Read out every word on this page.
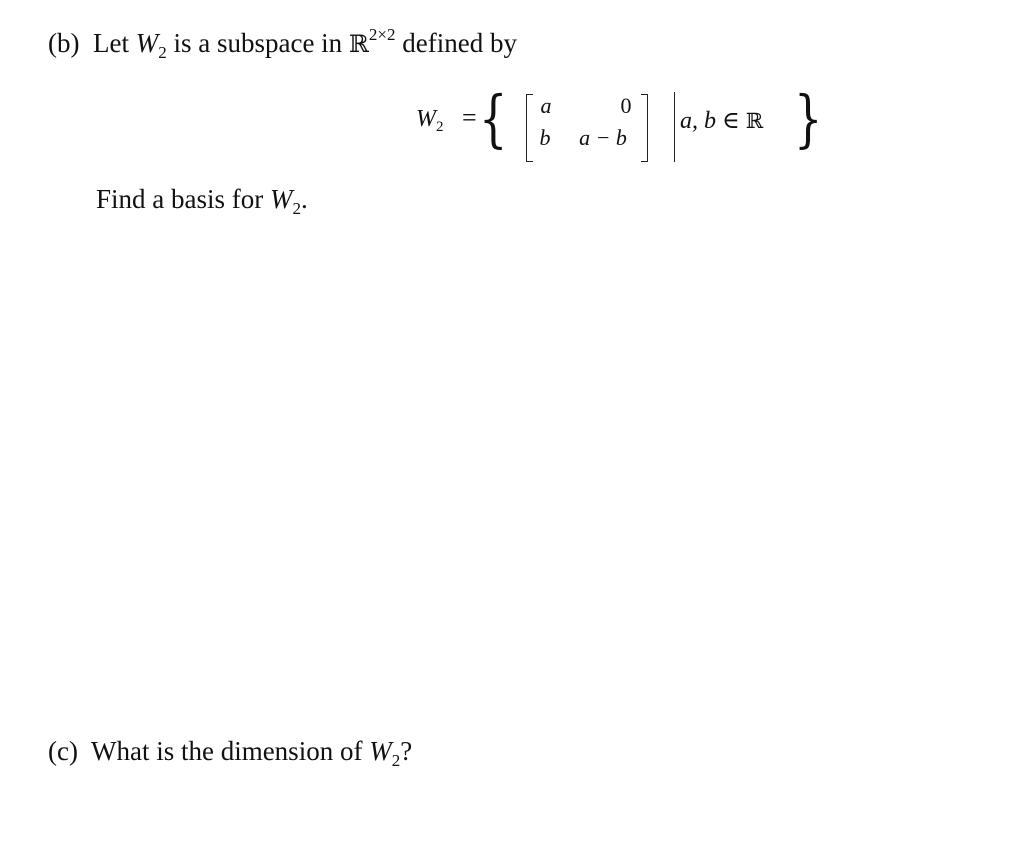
(b) Let $W_2$ is a subspace in ℝ$^{2\times 2}$ defined by
$W_2$ = {	a	0
b	a − b
a, b ∈ ℝ }
Find a basis for $W_2$.
(c) What is the dimension of $W_2$?
